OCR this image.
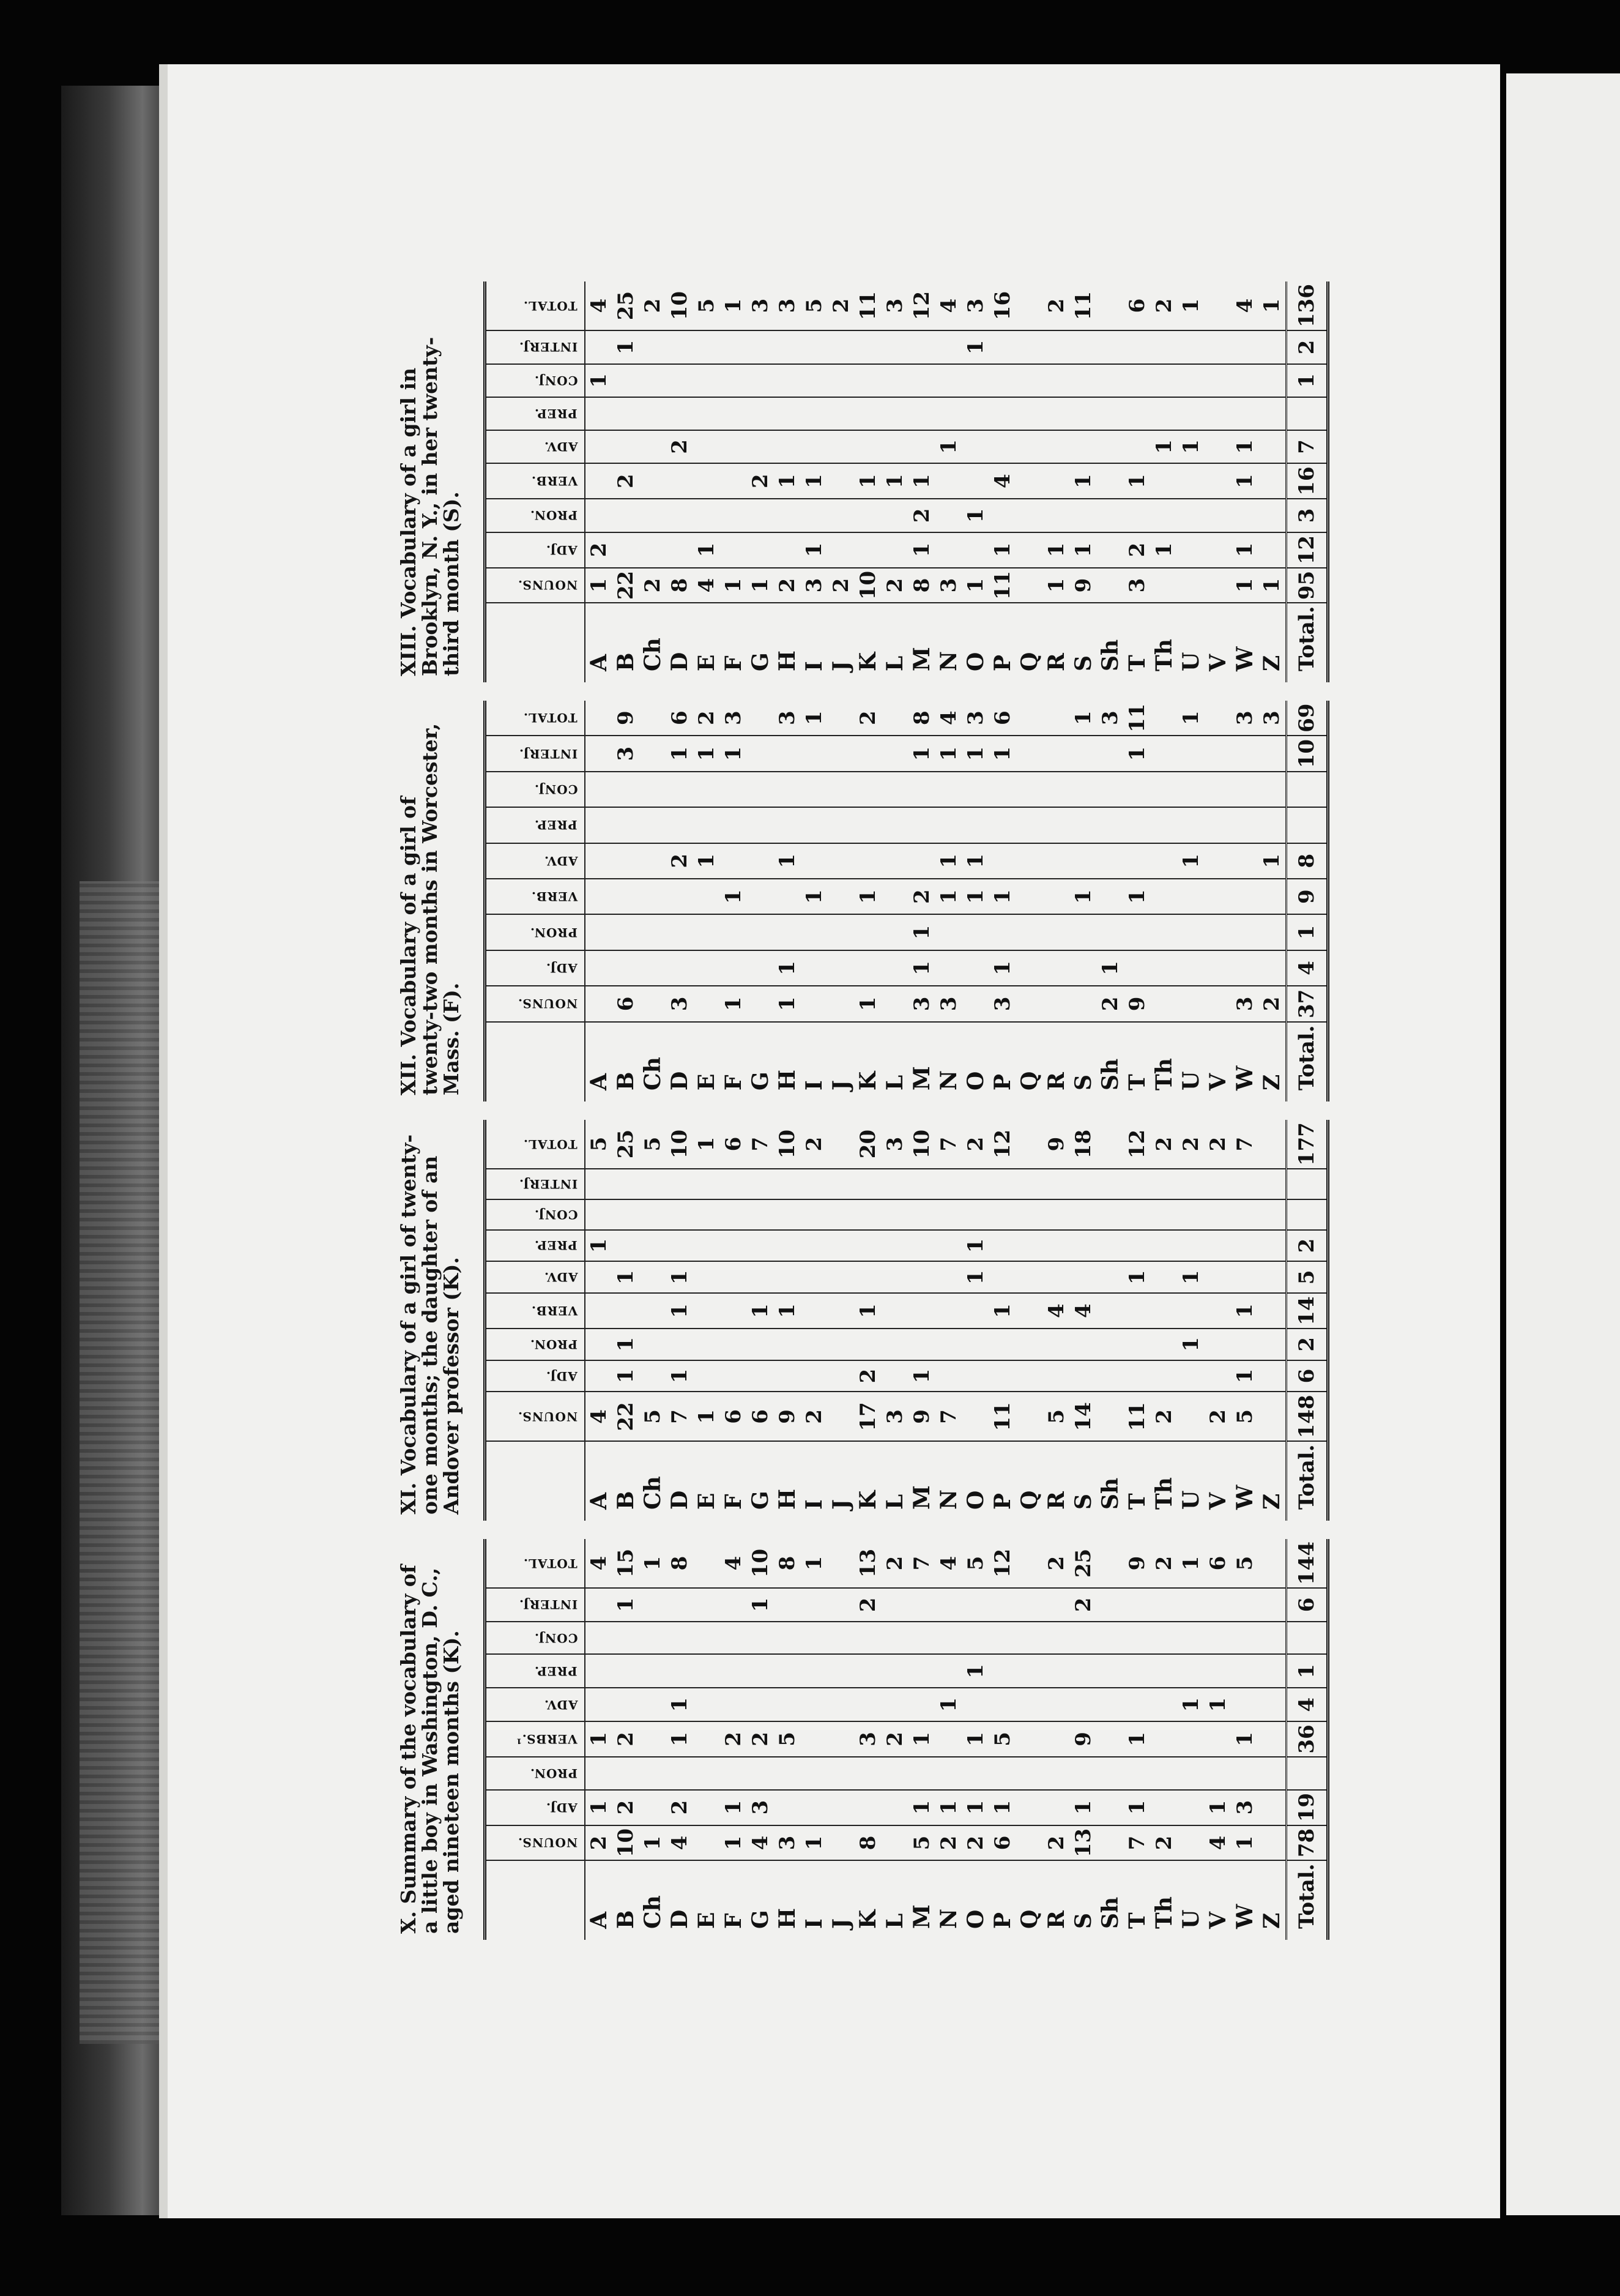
X. Summary of the vocabulary of a little boy in Washington, D. C., aged nineteen months (K).
		NOUNS.	ADJ.	PRON.	VERBS.¹	ADV.	PREP.	CONJ.	INTERJ.	TOTAL.
A	2	1		1					4
B	10	2		2				1	15
Ch	1								1
D	4	2		1	1				8
E									
F	1	1		2					4
G	4	3		2				1	10
H	3			5					8
I	1								1
J									
K	8			3				2	13
L				2					2
M	5	1		1					7
N	2	1			1				4
O	2	1		1		1			5
P	6	1		5					12
Q									
R	2								2
S	13	1		9				2	25
Sh									
T	7	1		1					9
Th	2								2
U					1				1
V	4	1			1				6
W	1	3		1					5
Z									
Total.	78	19		36	4	1		6	144
XI. Vocabulary of a girl of twenty-one months; the daughter of an Andover professor (K).
		NOUNS.	ADJ.	PRON.	VERB.	ADV.	PREP.	CONJ.	INTERJ.	TOTAL.
A	4					1			5
B	22	1	1		1				25
Ch	5								5
D	7	1		1	1				10
E	1								1
F	6								6
G	6			1					7
H	9			1					10
I	2								2
J									
K	17	2		1					20
L	3								3
M	9	1							10
N	7								7
O					1	1			2
P	11			1					12
Q									
R	5			4					9
S	14			4					18
Sh									
T	11				1				12
Th	2								2
U			1		1				2
V	2								2
W	5	1		1					7
Z									
Total.	148	6	2	14	5	2			177
XII. Vocabulary of a girl of twenty-two months in Worcester, Mass. (F).
		NOUNS.	ADJ.	PRON.	VERB.	ADV.	PREP.	CONJ.	INTERJ.	TOTAL.
A									
B	6							3	9
Ch									
D	3				2			1	6
E					1			1	2
F	1			1				1	3
G									
H	1	1			1				3
I				1					1
J									
K	1			1					2
L									
M	3	1	1	2				1	8
N	3			1	1			1	4
O				1	1			1	3
P	3	1		1				1	6
Q									
R									
S				1					1
Sh	2	1							3
T	9			1				1	11
Th									
U					1				1
V									
W	3								3
Z	2				1				3
Total.	37	4	1	9	8			10	69
XIII. Vocabulary of a girl in Brooklyn, N. Y., in her twenty-third month (S).
		NOUNS.	ADJ.	PRON.	VERB.	ADV.	PREP.	CONJ.	INTERJ.	TOTAL.
A	1	2					1		4
B	22			2				1	25
Ch	2								2
D	8				2				10
E	4	1							5
F	1								1
G	1			2					3
H	2			1					3
I	3	1		1					5
J	2								2
K	10			1					11
L	2			1					3
M	8	1	2	1					12
N	3				1				4
O	1		1					1	3
P	11	1		4					16
Q									
R	1	1							2
S	9	1		1					11
Sh									
T	3	2		1					6
Th		1			1				2
U					1				1
V									
W	1	1		1	1				4
Z	1								1
Total.	95	12	3	16	7		1	2	136
